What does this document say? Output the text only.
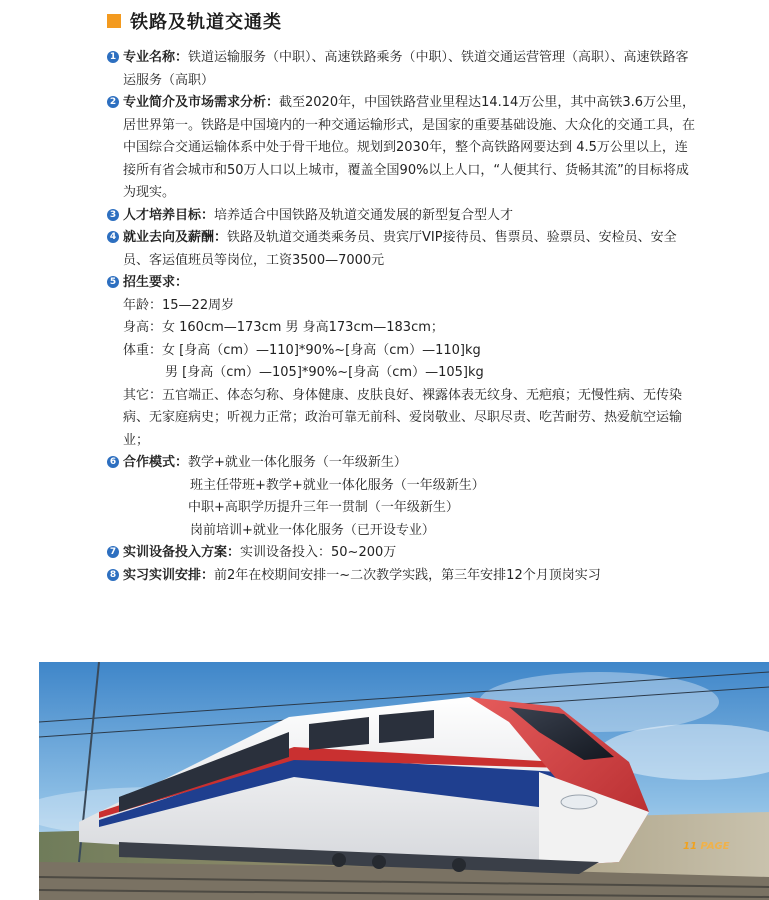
铁路及轨道交通类
1 专业名称：铁道运输服务（中职）、高速铁路乘务（中职）、铁道交通运营管理（高职）、高速铁路客运服务（高职）
2 专业简介及市场需求分析：截至2020年，中国铁路营业里程达14.14万公里，其中高铁3.6万公里，居世界第一。铁路是中国境内的一种交通运输形式，是国家的重要基础设施、大众化的交通工具，在中国综合交通运输体系中处于骨干地位。规划到2030年，整个高铁路网要达到 4.5万公里以上，连接所有省会城市和50万人口以上城市，覆盖全国90%以上人口，“人便其行、货畅其流”的目标将成为现实。
3 人才培养目标：培养适合中国铁路及轨道交通发展的新型复合型人才
4 就业去向及薪酬：铁路及轨道交通类乘务员、贵宾厅VIP接待员、售票员、验票员、安检员、安全员、客运值班员等岗位，工资3500—7000元
5 招生要求：
年龄：15—22周岁
身高：女 160cm—173cm 男 身高173cm—183cm；
体重：女 [身高（cm）—110]*90%~[身高（cm）—110]kg
男 [身高（cm）—105]*90%~[身高（cm）—105]kg
其它：五官端正、体态匀称、身体健康、皮肤良好、裸露体表无纹身、无疤痕；无慢性病、无传染病、无家庭病史；听视力正常；政治可靠无前科、爱岗敬业、尽职尽责、吃苦耐劳、热爱航空运输业；
6 合作模式：教学+就业一体化服务（一年级新生）
班主任带班+教学+就业一体化服务（一年级新生）
中职+高职学历提升三年一贯制（一年级新生）
岗前培训+就业一体化服务（已开设专业）
7 实训设备投入方案：实训设备投入：50~200万
8 实习实训安排：前2年在校期间安排一~二次教学实践，第三年安排12个月顶岗实习
11 PAGE
